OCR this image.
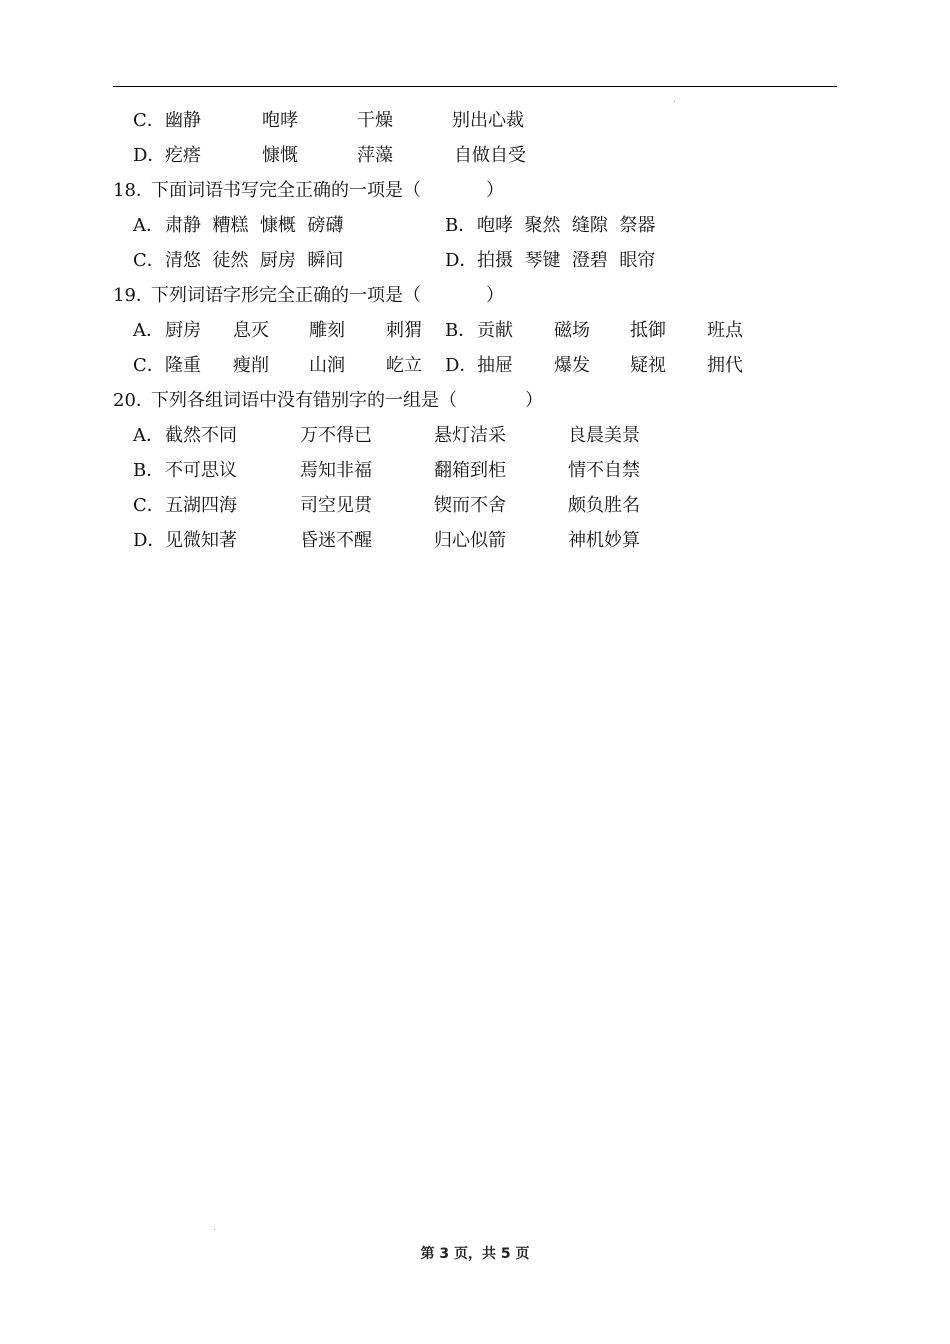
C． 幽静	咆哮	干燥	别出心裁
D． 疙瘩	慷慨	萍藻	自做自受
18．
下面词语书写完全正确的一项是（	）
A． 肃静  糟糕  慷概  磅礴	B． 咆哮  聚然  缝隙  祭器
C． 清悠  徒然  厨房  瞬间	D． 拍摄  琴键  澄碧  眼帘
19．
下列词语字形完全正确的一项是（	）
A． 厨房 息灭 雕刻 刺猬 B． 贡献 磁场 抵御 班点
C． 隆重 瘦削 山涧 屹立 D． 抽屉 爆发 疑视 拥代
20．
下列各组词语中没有错别字的一组是（	）
A． 截然不同	万不得已	悬灯洁采	良晨美景
B． 不可思议	焉知非福	翻箱到柜	情不自禁
C． 五湖四海	司空见贯	锲而不舍	颇负胜名
D． 见微知著	昏迷不醒	归心似箭	神机妙算
第 3 页，共 5 页
